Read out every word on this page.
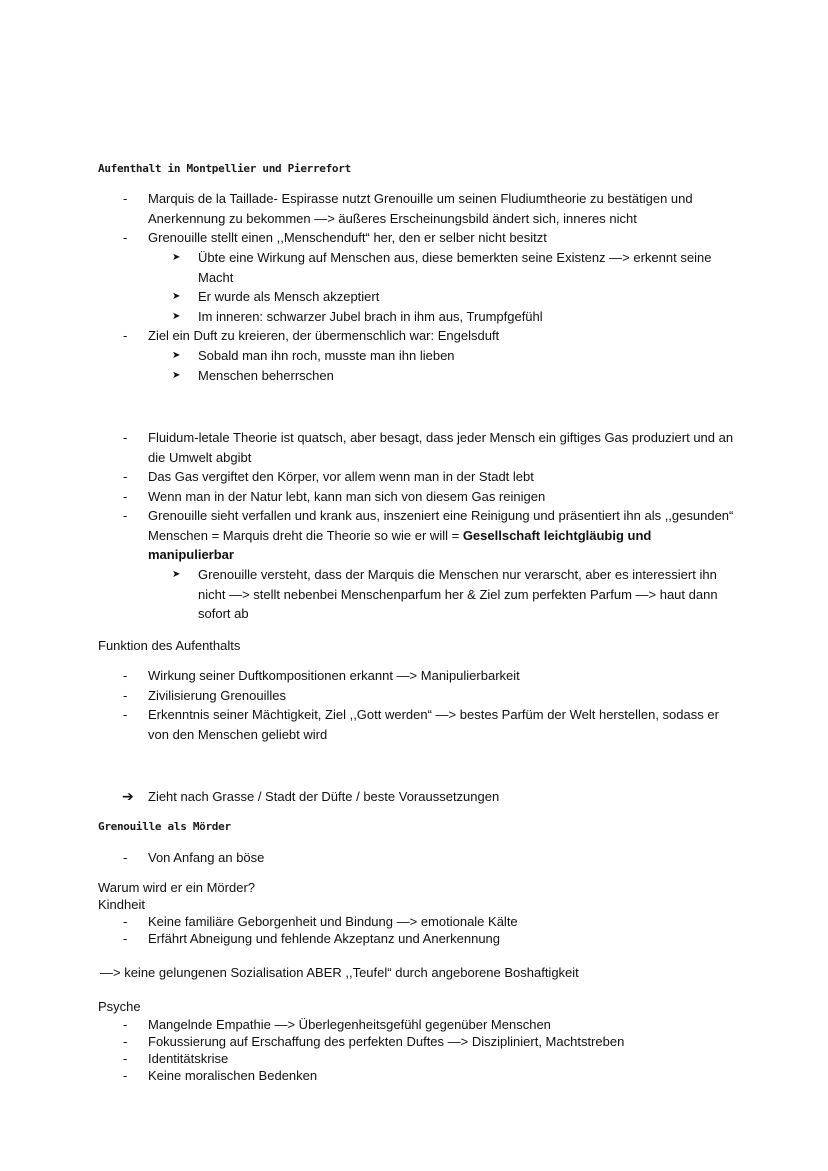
Aufenthalt in Montpellier und Pierrefort
- Marquis de la Taillade- Espirasse nutzt Grenouille um seinen Fludiumtheorie zu bestätigen und Anerkennung zu bekommen —> äußeres Erscheinungsbild ändert sich, inneres nicht
- Grenouille stellt einen ,,Menschenduft“ her, den er selber nicht besitzt
➤ Übte eine Wirkung auf Menschen aus, diese bemerkten seine Existenz —> erkennt seine Macht
➤ Er wurde als Mensch akzeptiert
➤ Im inneren: schwarzer Jubel brach in ihm aus, Trumpfgefühl
- Ziel ein Duft zu kreieren, der übermenschlich war: Engelsduft
➤ Sobald man ihn roch, musste man ihn lieben
➤ Menschen beherrschen
- Fluidum-letale Theorie ist quatsch, aber besagt, dass jeder Mensch ein giftiges Gas produziert und an die Umwelt abgibt
- Das Gas vergiftet den Körper, vor allem wenn man in der Stadt lebt
- Wenn man in der Natur lebt, kann man sich von diesem Gas reinigen
- Grenouille sieht verfallen und krank aus, inszeniert eine Reinigung und präsentiert ihn als ,,gesunden“ Menschen = Marquis dreht die Theorie so wie er will = Gesellschaft leichtgläubig und manipulierbar
➤ Grenouille versteht, dass der Marquis die Menschen nur verarscht, aber es interessiert ihn nicht —> stellt nebenbei Menschenparfum her & Ziel zum perfekten Parfum —> haut dann sofort ab
Funktion des Aufenthalts
- Wirkung seiner Duftkompositionen erkannt —> Manipulierbarkeit
- Zivilisierung Grenouilles
- Erkenntnis seiner Mächtigkeit, Ziel ,,Gott werden“ —> bestes Parfüm der Welt herstellen, sodass er von den Menschen geliebt wird
➔ Zieht nach Grasse / Stadt der Düfte / beste Voraussetzungen
Grenouille als Mörder
- Von Anfang an böse
Warum wird er ein Mörder?
Kindheit
- Keine familiäre Geborgenheit und Bindung —> emotionale Kälte
- Erfährt Abneigung und fehlende Akzeptanz und Anerkennung
—> keine gelungenen Sozialisation ABER ,,Teufel“ durch angeborene Boshaftigkeit
Psyche
- Mangelnde Empathie —> Überlegenheitsgefühl gegenüber Menschen
- Fokussierung auf Erschaffung des perfekten Duftes —> Diszipliniert, Machtstreben
- Identitätskrise
- Keine moralischen Bedenken
